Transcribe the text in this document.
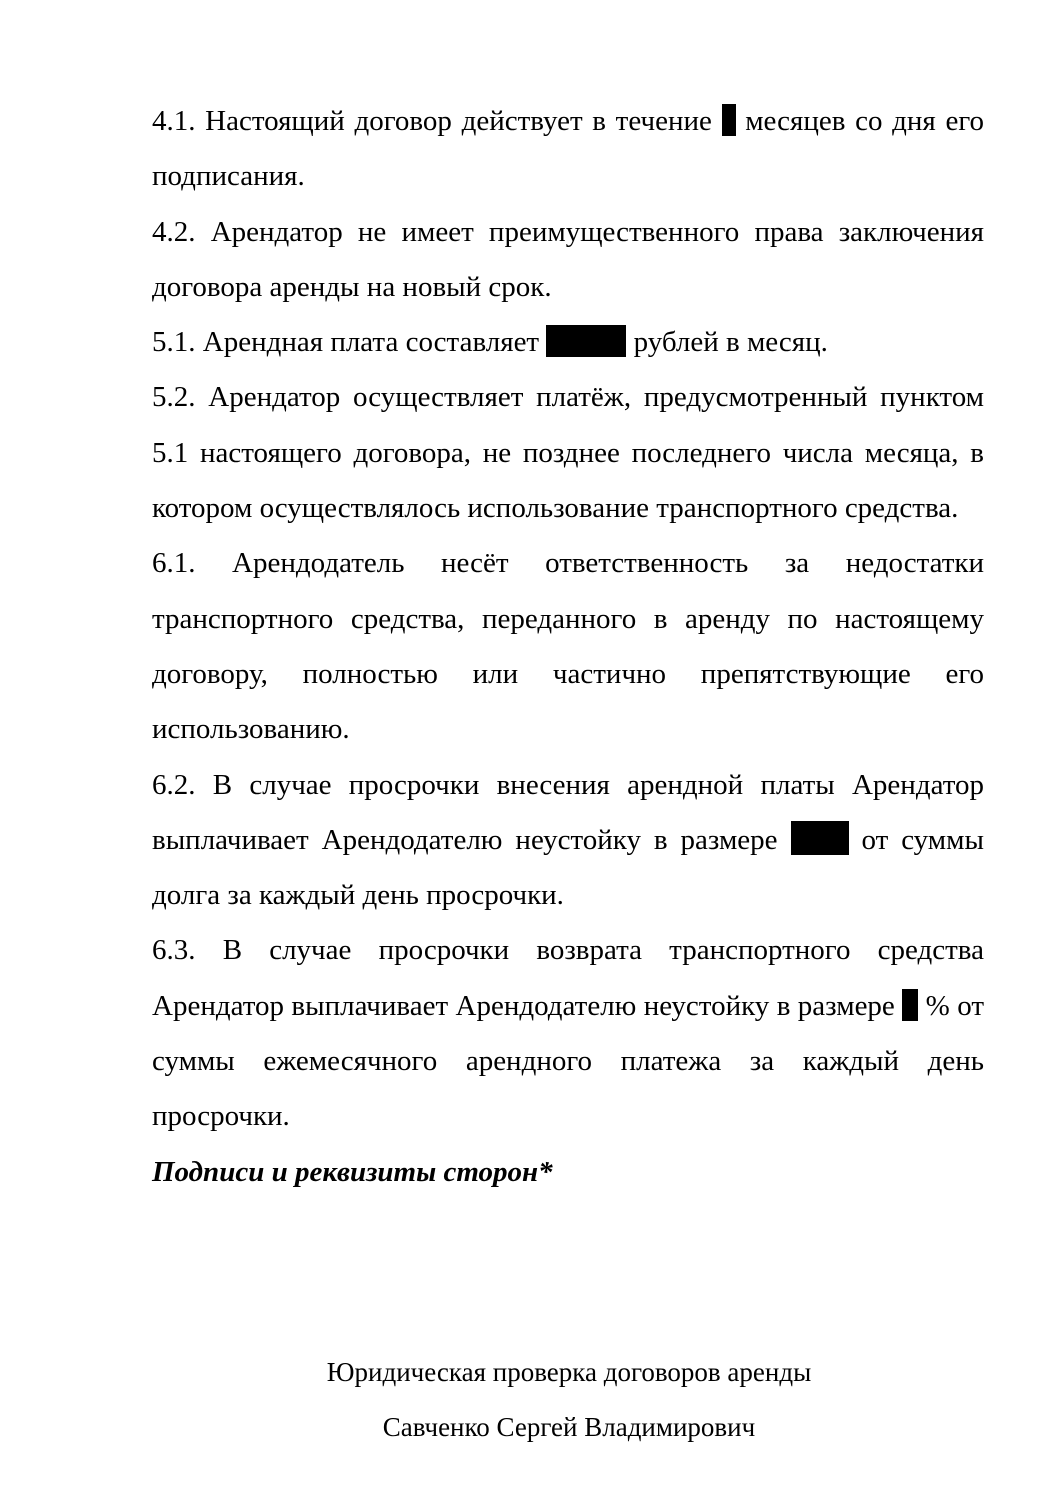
4.1. Настоящий договор действует в течение  месяцев со дня его подписания.

4.2. Арендатор не имеет преимущественного права заключения договора аренды на новый срок.

5.1. Арендная плата составляет	рублей в месяц.

5.2. Арендатор осуществляет платёж, предусмотренный пунктом 5.1 настоящего договора, не позднее последнего числа месяца, в котором осуществлялось использование транспортного средства.

6.1. Арендодатель несёт ответственность за недостатки транспортного средства, переданного в аренду по настоящему договору, полностью или частично препятствующие его использованию.

6.2. В случае просрочки внесения арендной платы Арендатор выплачивает Арендодателю неустойку в размере  от суммы долга за каждый день просрочки.

6.3. В случае просрочки возврата транспортного средства Арендатор выплачивает Арендодателю неустойку в размере  % от суммы ежемесячного арендного платежа за каждый день просрочки.

Подписи и реквизиты сторон*

Юридическая проверка договоров аренды
Савченко Сергей Владимирович
